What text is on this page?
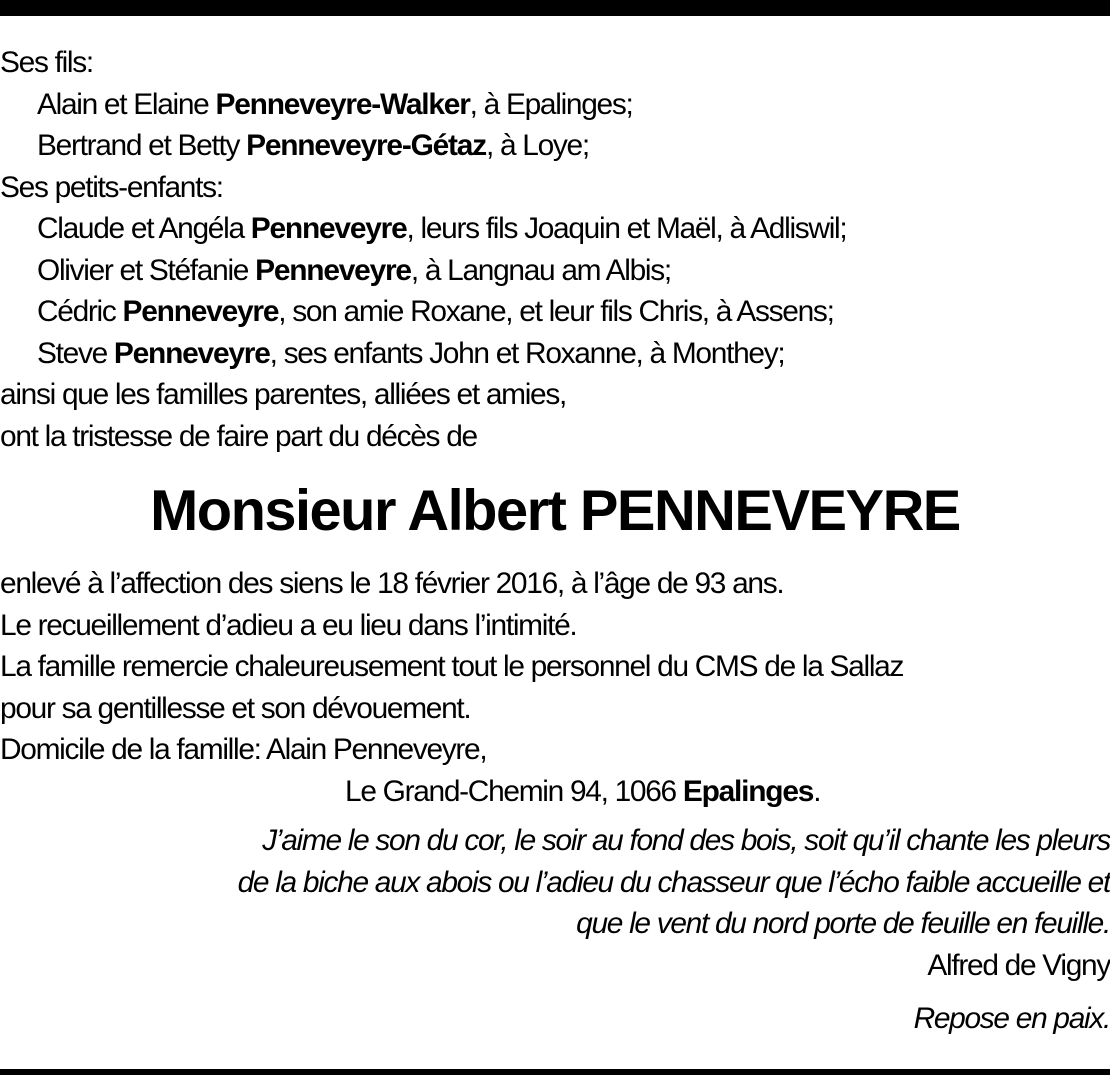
Ses fils:
Alain et Elaine Penneveyre-Walker, à Epalinges;
Bertrand et Betty Penneveyre-Gétaz, à Loye;
Ses petits-enfants:
Claude et Angéla Penneveyre, leurs fils Joaquin et Maël, à Adliswil;
Olivier et Stéfanie Penneveyre, à Langnau am Albis;
Cédric Penneveyre, son amie Roxane, et leur fils Chris, à Assens;
Steve Penneveyre, ses enfants John et Roxanne, à Monthey;
ainsi que les familles parentes, alliées et amies,
ont la tristesse de faire part du décès de
Monsieur Albert PENNEVEYRE
enlevé à l’affection des siens le 18 février 2016, à l’âge de 93 ans.
Le recueillement d’adieu a eu lieu dans l’intimité.
La famille remercie chaleureusement tout le personnel du CMS de la Sallaz
pour sa gentillesse et son dévouement.
Domicile de la famille: Alain Penneveyre,
Le Grand-Chemin 94, 1066 Epalinges.
J’aime le son du cor, le soir au fond des bois, soit qu’il chante les pleurs
de la biche aux abois ou l’adieu du chasseur que l’écho faible accueille et
que le vent du nord porte de feuille en feuille.
Alfred de Vigny
Repose en paix.
